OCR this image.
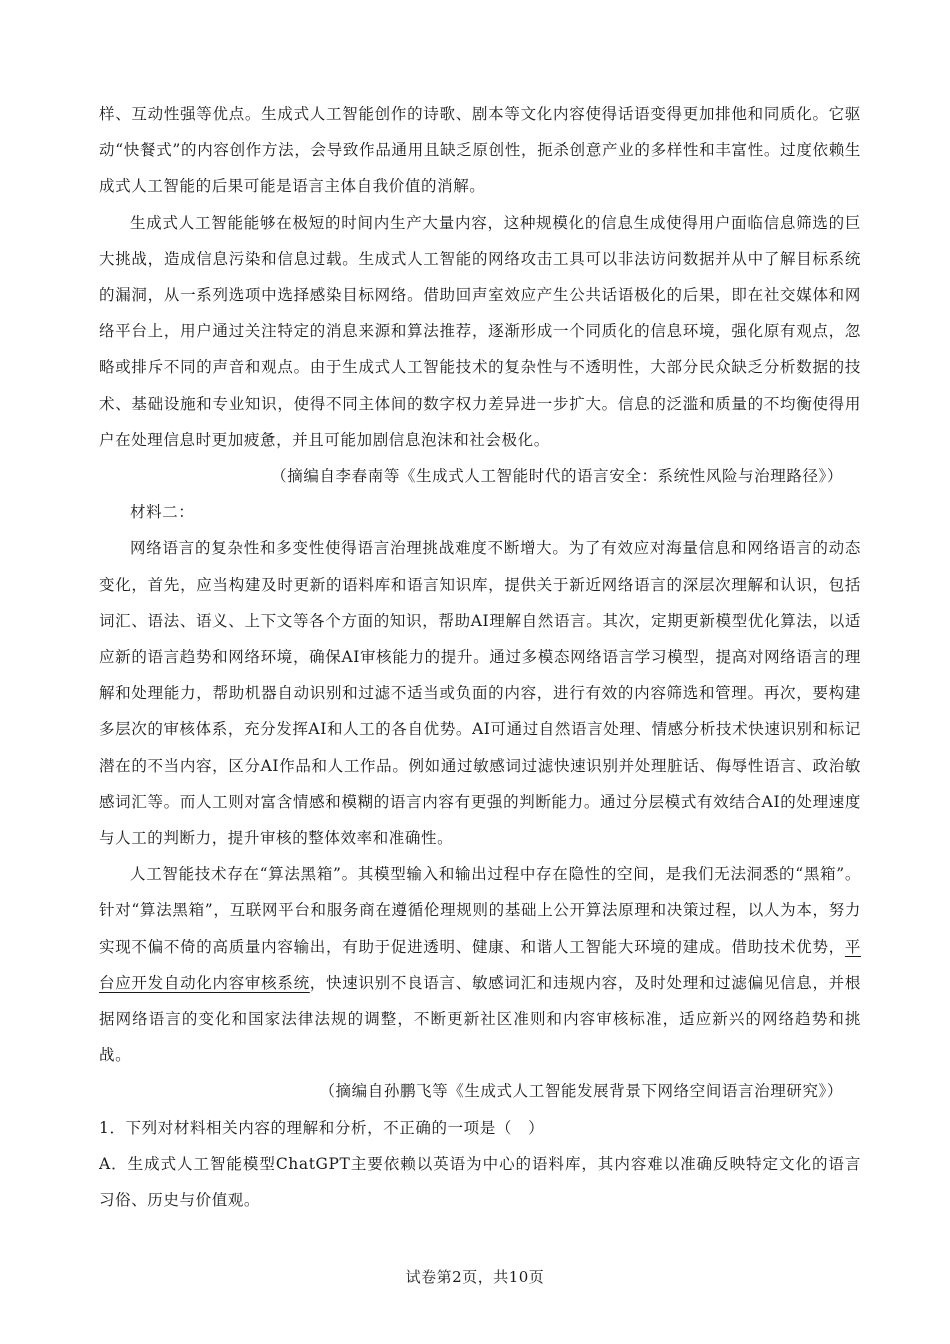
样、互动性强等优点。生成式人工智能创作的诗歌、剧本等文化内容使得话语变得更加排他和同质化。它驱动“快餐式”的内容创作方法，会导致作品通用且缺乏原创性，扼杀创意产业的多样性和丰富性。过度依赖生成式人工智能的后果可能是语言主体自我价值的消解。

生成式人工智能能够在极短的时间内生产大量内容，这种规模化的信息生成使得用户面临信息筛选的巨大挑战，造成信息污染和信息过载。生成式人工智能的网络攻击工具可以非法访问数据并从中了解目标系统的漏洞，从一系列选项中选择感染目标网络。借助回声室效应产生公共话语极化的后果，即在社交媒体和网络平台上，用户通过关注特定的消息来源和算法推荐，逐渐形成一个同质化的信息环境，强化原有观点，忽略或排斥不同的声音和观点。由于生成式人工智能技术的复杂性与不透明性，大部分民众缺乏分析数据的技术、基础设施和专业知识，使得不同主体间的数字权力差异进一步扩大。信息的泛滥和质量的不均衡使得用户在处理信息时更加疲惫，并且可能加剧信息泡沫和社会极化。

（摘编自李春南等《生成式人工智能时代的语言安全：系统性风险与治理路径》）

材料二：

网络语言的复杂性和多变性使得语言治理挑战难度不断增大。为了有效应对海量信息和网络语言的动态变化，首先，应当构建及时更新的语料库和语言知识库，提供关于新近网络语言的深层次理解和认识，包括词汇、语法、语义、上下文等各个方面的知识，帮助AI理解自然语言。其次，定期更新模型优化算法，以适应新的语言趋势和网络环境，确保AI审核能力的提升。通过多模态网络语言学习模型，提高对网络语言的理解和处理能力，帮助机器自动识别和过滤不适当或负面的内容，进行有效的内容筛选和管理。再次，要构建多层次的审核体系，充分发挥AI和人工的各自优势。AI可通过自然语言处理、情感分析技术快速识别和标记潜在的不当内容，区分AI作品和人工作品。例如通过敏感词过滤快速识别并处理脏话、侮辱性语言、政治敏感词汇等。而人工则对富含情感和模糊的语言内容有更强的判断能力。通过分层模式有效结合AI的处理速度与人工的判断力，提升审核的整体效率和准确性。

人工智能技术存在“算法黑箱”。其模型输入和输出过程中存在隐性的空间，是我们无法洞悉的“黑箱”。针对“算法黑箱”，互联网平台和服务商在遵循伦理规则的基础上公开算法原理和决策过程，以人为本，努力实现不偏不倚的高质量内容输出，有助于促进透明、健康、和谐人工智能大环境的建成。借助技术优势，平台应开发自动化内容审核系统，快速识别不良语言、敏感词汇和违规内容，及时处理和过滤偏见信息，并根据网络语言的变化和国家法律法规的调整，不断更新社区准则和内容审核标准，适应新兴的网络趋势和挑战。

（摘编自孙鹏飞等《生成式人工智能发展背景下网络空间语言治理研究》）

1．下列对材料相关内容的理解和分析，不正确的一项是（　）

A．生成式人工智能模型ChatGPT主要依赖以英语为中心的语料库，其内容难以准确反映特定文化的语言习俗、历史与价值观。

试卷第2页，共10页
